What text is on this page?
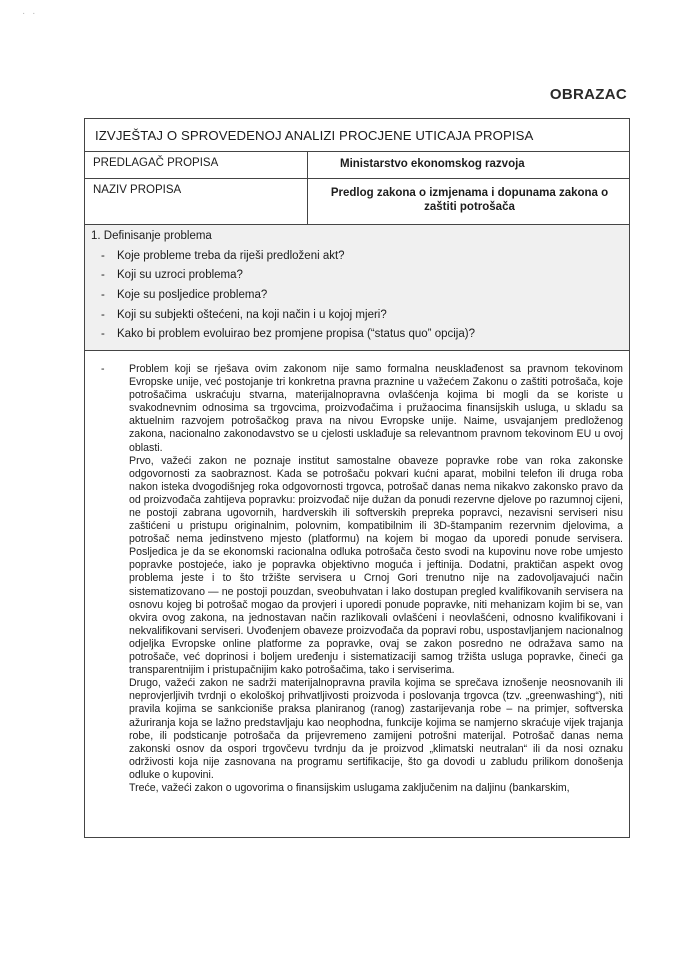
· ·
OBRAZAC
IZVJEŠTAJ O SPROVEDENOJ ANALIZI PROCJENE UTICAJA PROPISA
PREDLAGAČ PROPISA	Ministarstvo ekonomskog razvoja
NAZIV PROPISA	Predlog zakona o izmjenama i dopunama zakona o zaštiti potrošača
1. Definisanje problema
-	Koje probleme treba da riješi predloženi akt?
-	Koji su uzroci problema?
-	Koje su posljedice problema?
-	Koji su subjekti oštećeni, na koji način i u kojoj mjeri?
-	Kako bi problem evoluirao bez promjene propisa (“status quo” opcija)?
-	Problem koji se rješava ovim zakonom nije samo formalna neusklađenost sa pravnom tekovinom Evropske unije, već postojanje tri konkretna pravna praznine u važećem Zakonu o zaštiti potrošača, koje potrošačima uskraćuju stvarna, materijalnopravna ovlašćenja kojima bi mogli da se koriste u svakodnevnim odnosima sa trgovcima, proizvođačima i pružaocima finansijskih usluga, u skladu sa aktuelnim razvojem potrošačkog prava na nivou Evropske unije. Naime, usvajanjem predloženog zakona, nacionalno zakonodavstvo se u cjelosti usklađuje sa relevantnom pravnom tekovinom EU u ovoj oblasti.

Prvo, važeći zakon ne poznaje institut samostalne obaveze popravke robe van roka zakonske odgovornosti za saobraznost. Kada se potrošaču pokvari kućni aparat, mobilni telefon ili druga roba nakon isteka dvogodišnjeg roka odgovornosti trgovca, potrošač danas nema nikakvo zakonsko pravo da od proizvođača zahtijeva popravku: proizvođač nije dužan da ponudi rezervne djelove po razumnoj cijeni, ne postoji zabrana ugovornih, hardverskih ili softverskih prepreka popravci, nezavisni serviseri nisu zaštićeni u pristupu originalnim, polovnim, kompatibilnim ili 3D-štampanim rezervnim djelovima, a potrošač nema jedinstveno mjesto (platformu) na kojem bi mogao da uporedi ponude servisera. Posljedica je da se ekonomski racionalna odluka potrošača često svodi na kupovinu nove robe umjesto popravke postojeće, iako je popravka objektivno moguća i jeftinija. Dodatni, praktičan aspekt ovog problema jeste i to što tržište servisera u Crnoj Gori trenutno nije na zadovoljavajući način sistematizovano — ne postoji pouzdan, sveobuhvatan i lako dostupan pregled kvalifikovanih servisera na osnovu kojeg bi potrošač mogao da provjeri i uporedi ponude popravke, niti mehanizam kojim bi se, van okvira ovog zakona, na jednostavan način razlikovali ovlašćeni i neovlašćeni, odnosno kvalifikovani i nekvalifikovani serviseri. Uvođenjem obaveze proizvođača da popravi robu, uspostavljanjem nacionalnog odjeljka Evropske online platforme za popravke, ovaj se zakon posredno ne odražava samo na potrošače, već doprinosi i boljem uređenju i sistematizaciji samog tržišta usluga popravke, čineći ga transparentnijim i pristupačnijim kako potrošačima, tako i serviserima.

Drugo, važeći zakon ne sadrži materijalnopravna pravila kojima se sprečava iznošenje neosnovanih ili neprovjerljivih tvrdnji o ekološkoj prihvatljivosti proizvoda i poslovanja trgovca (tzv. „greenwashing“), niti pravila kojima se sankcioniše praksa planiranog (ranog) zastarijevanja robe – na primjer, softverska ažuriranja koja se lažno predstavljaju kao neophodna, funkcije kojima se namjerno skraćuje vijek trajanja robe, ili podsticanje potrošača da prijevremeno zamijeni potrošni materijal. Potrošač danas nema zakonski osnov da ospori trgovčevu tvrdnju da je proizvod „klimatski neutralan“ ili da nosi oznaku održivosti koja nije zasnovana na programu sertifikacije, što ga dovodi u zabludu prilikom donošenja odluke o kupovini.

Treće, važeći zakon o ugovorima o finansijskim uslugama zaključenim na daljinu (bankarskim,
